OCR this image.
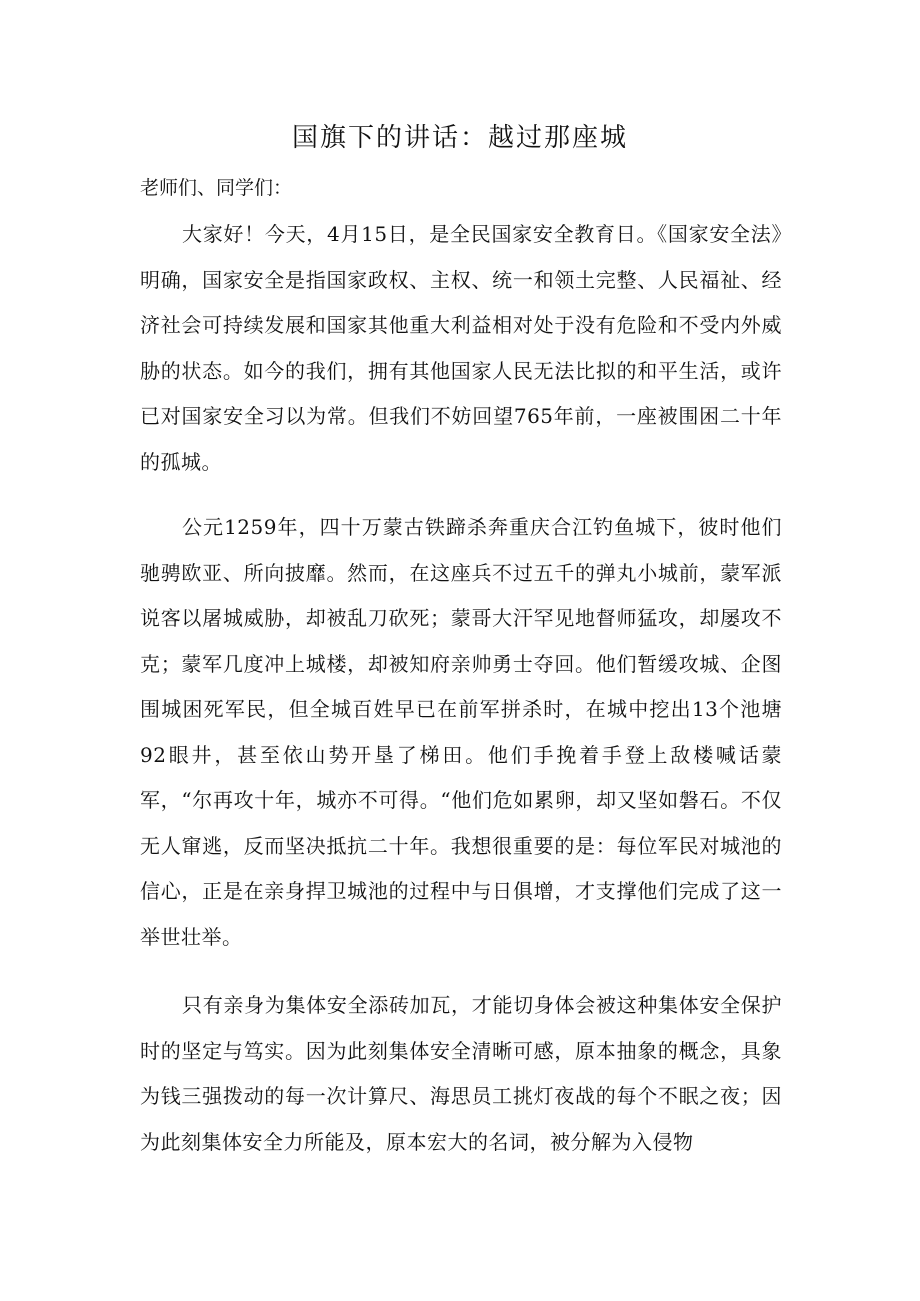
国旗下的讲话：越过那座城

老师们、同学们：

大家好！今天，4月15日，是全民国家安全教育日。《国家安全法》明确，国家安全是指国家政权、主权、统一和领土完整、人民福祉、经济社会可持续发展和国家其他重大利益相对处于没有危险和不受内外威胁的状态。如今的我们，拥有其他国家人民无法比拟的和平生活，或许已对国家安全习以为常。但我们不妨回望765年前，一座被围困二十年的孤城。

公元1259年，四十万蒙古铁蹄杀奔重庆合江钓鱼城下，彼时他们驰骋欧亚、所向披靡。然而，在这座兵不过五千的弹丸小城前，蒙军派说客以屠城威胁，却被乱刀砍死；蒙哥大汗罕见地督师猛攻，却屡攻不克；蒙军几度冲上城楼，却被知府亲帅勇士夺回。他们暂缓攻城、企图围城困死军民，但全城百姓早已在前军拼杀时，在城中挖出13个池塘92眼井，甚至依山势开垦了梯田。他们手挽着手登上敌楼喊话蒙军，“尔再攻十年，城亦不可得。“他们危如累卵，却又坚如磐石。不仅无人窜逃，反而坚决抵抗二十年。我想很重要的是：每位军民对城池的信心，正是在亲身捍卫城池的过程中与日俱增，才支撑他们完成了这一举世壮举。

只有亲身为集体安全添砖加瓦，才能切身体会被这种集体安全保护时的坚定与笃实。因为此刻集体安全清晰可感，原本抽象的概念，具象为钱三强拨动的每一次计算尺、海思员工挑灯夜战的每个不眠之夜；因为此刻集体安全力所能及，原本宏大的名词，被分解为入侵物
